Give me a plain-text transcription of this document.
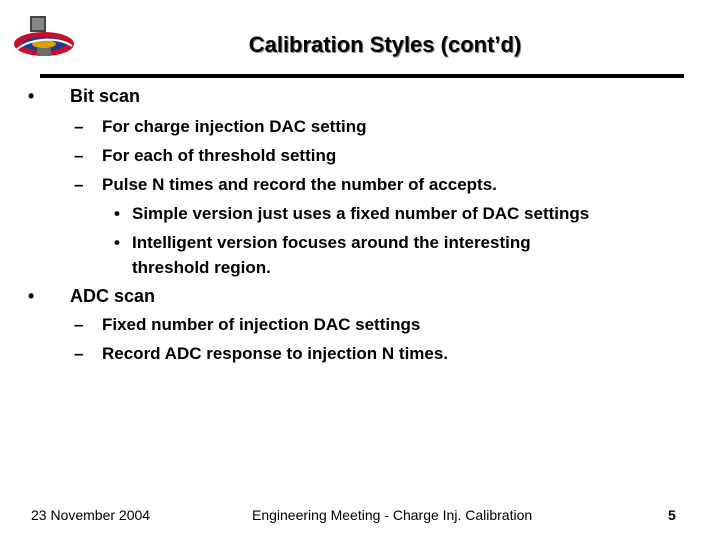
Calibration Styles (cont’d)
• Bit scan
– For charge injection DAC setting
– For each of threshold setting
– Pulse N times and record the number of accepts.
• Simple version just uses a fixed number of DAC settings
• Intelligent version focuses around the interesting
threshold region.
• ADC scan
– Fixed number of injection DAC settings
– Record ADC response to injection N times.
23 November 2004	Engineering Meeting - Charge Inj. Calibration	5
